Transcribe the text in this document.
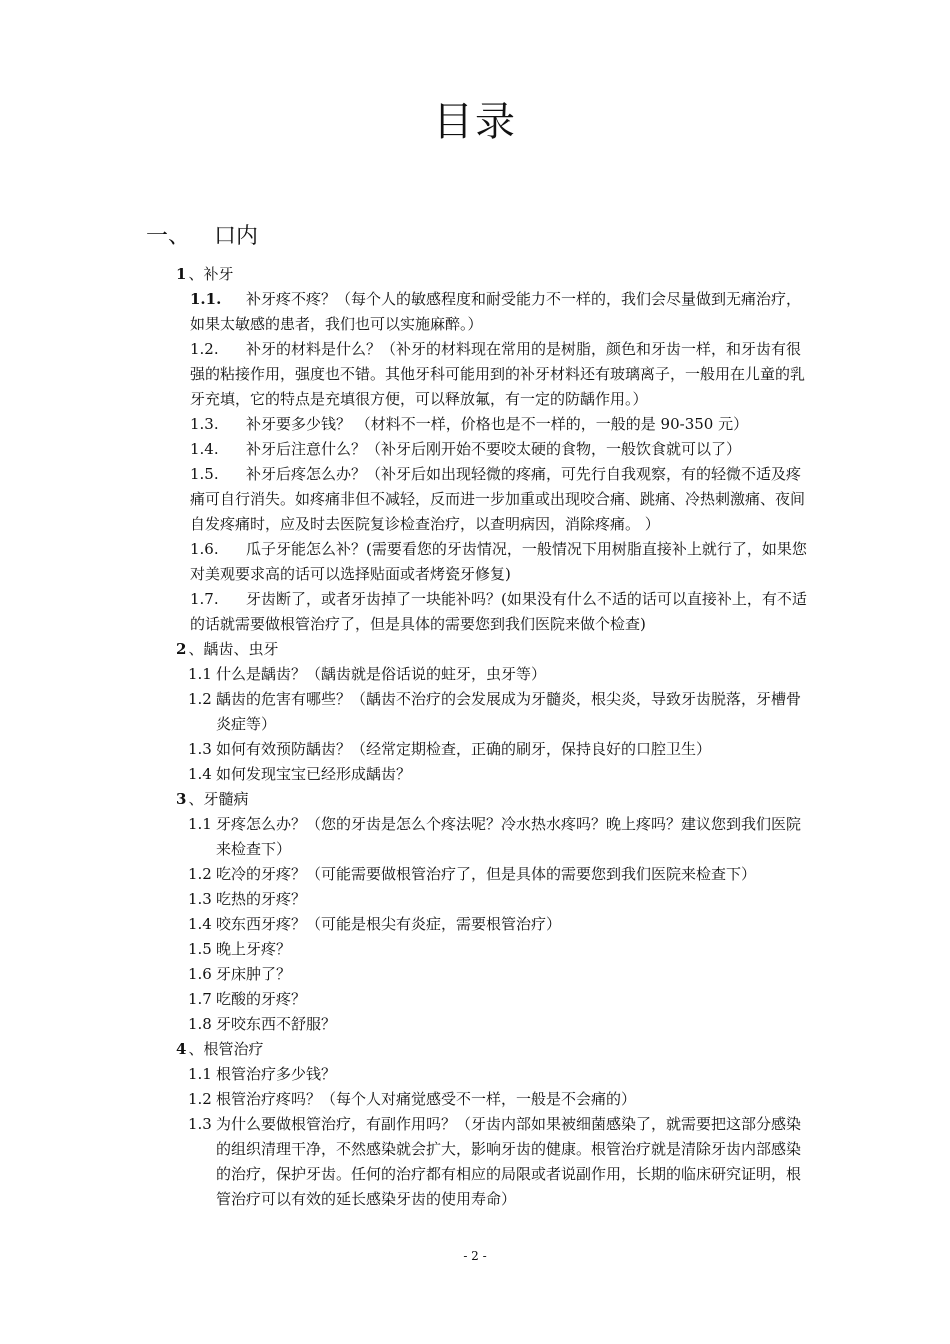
目录
一、 口内
1 、补牙
1.1. 补牙疼不疼？（每个人的敏感程度和耐受能力不一样的，我们会尽量做到无痛治疗，如果太敏感的患者，我们也可以实施麻醉。）
1.2. 补牙的材料是什么？（补牙的材料现在常用的是树脂，颜色和牙齿一样，和牙齿有很强的粘接作用，强度也不错。其他牙科可能用到的补牙材料还有玻璃离子，一般用在儿童的乳牙充填，它的特点是充填很方便，可以释放氟，有一定的防龋作用。）
1.3. 补牙要多少钱？ （材料不一样，价格也是不一样的，一般的是 90-350 元）
1.4. 补牙后注意什么？（补牙后刚开始不要咬太硬的食物，一般饮食就可以了）
1.5. 补牙后疼怎么办？（补牙后如出现轻微的疼痛，可先行自我观察，有的轻微不适及疼痛可自行消失。如疼痛非但不减轻，反而进一步加重或出现咬合痛、跳痛、冷热刺激痛、夜间自发疼痛时，应及时去医院复诊检查治疗，以查明病因，消除疼痛。 ）
1.6. 瓜子牙能怎么补？(需要看您的牙齿情况，一般情况下用树脂直接补上就行了，如果您对美观要求高的话可以选择贴面或者烤瓷牙修复)
1.7. 牙齿断了，或者牙齿掉了一块能补吗？(如果没有什么不适的话可以直接补上，有不适的话就需要做根管治疗了，但是具体的需要您到我们医院来做个检查)
2 、龋齿、虫牙
1.1 什么是龋齿？（龋齿就是俗话说的蛀牙，虫牙等）
1.2 龋齿的危害有哪些？（龋齿不治疗的会发展成为牙髓炎，根尖炎，导致牙齿脱落，牙槽骨炎症等）
1.3 如何有效预防龋齿？（经常定期检查，正确的刷牙，保持良好的口腔卫生）
1.4 如何发现宝宝已经形成龋齿？
3 、牙髓病
1.1 牙疼怎么办？（您的牙齿是怎么个疼法呢？冷水热水疼吗？晚上疼吗？建议您到我们医院来检查下）
1.2 吃冷的牙疼？（可能需要做根管治疗了，但是具体的需要您到我们医院来检查下）
1.3 吃热的牙疼？
1.4 咬东西牙疼？（可能是根尖有炎症，需要根管治疗）
1.5 晚上牙疼？
1.6 牙床肿了？
1.7 吃酸的牙疼？
1.8 牙咬东西不舒服？
4 、根管治疗
1.1 根管治疗多少钱？
1.2 根管治疗疼吗？（每个人对痛觉感受不一样，一般是不会痛的）
1.3 为什么要做根管治疗，有副作用吗？（牙齿内部如果被细菌感染了，就需要把这部分感染的组织清理干净，不然感染就会扩大，影响牙齿的健康。根管治疗就是清除牙齿内部感染的治疗，保护牙齿。任何的治疗都有相应的局限或者说副作用，长期的临床研究证明，根管治疗可以有效的延长感染牙齿的使用寿命）
- 2 -
